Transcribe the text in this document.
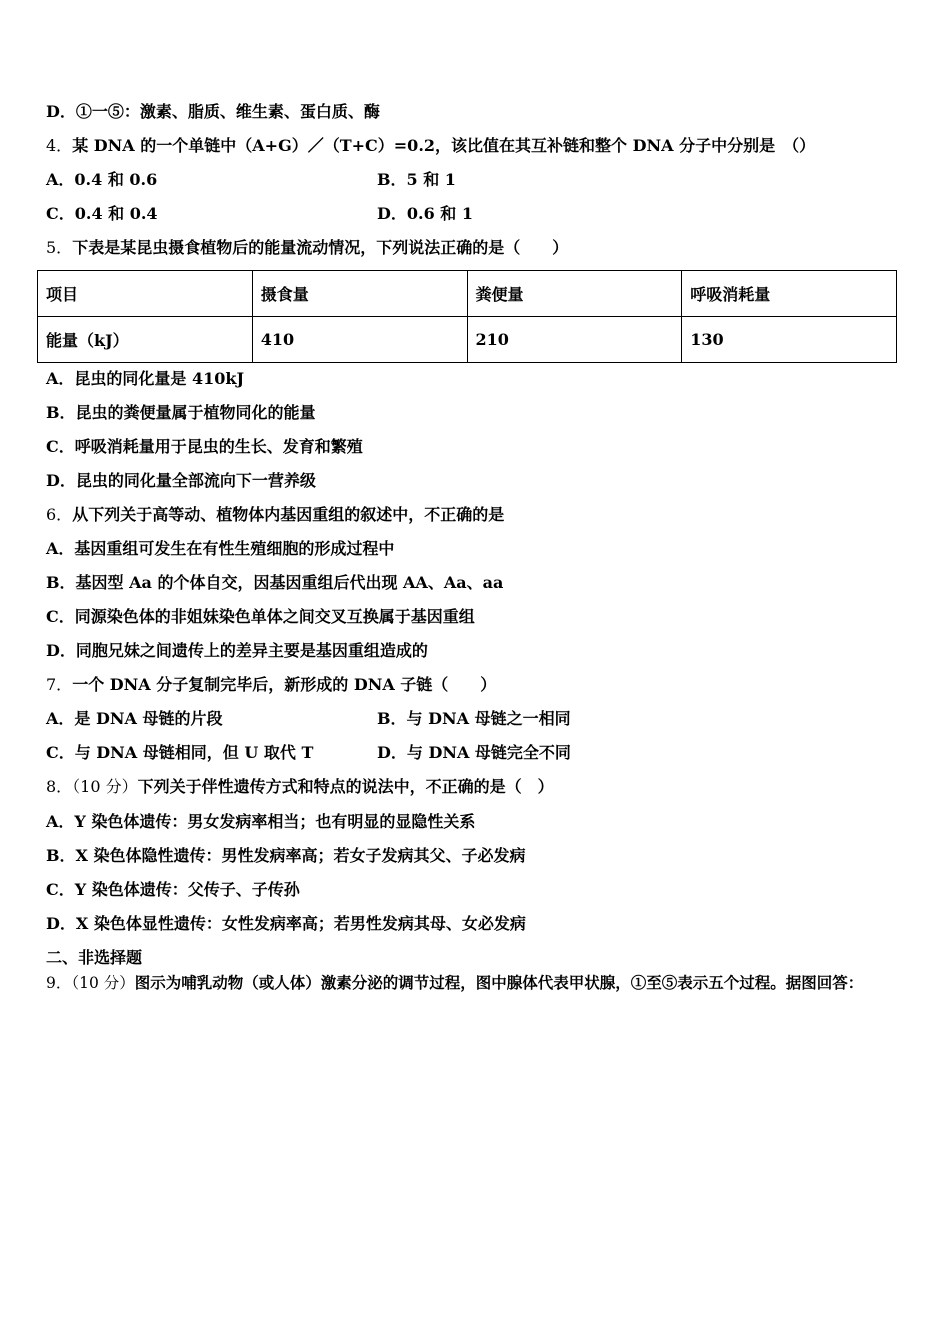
D．①一⑤：激素、脂质、维生素、蛋白质、酶
4．某 DNA 的一个单链中（A+G）／（T+C）=0.2，该比值在其互补链和整个 DNA 分子中分别是　（）
A．0.4 和 0.6	B．5 和 1
C．0.4 和 0.4	D．0.6 和 1
5．下表是某昆虫摄食植物后的能量流动情况，下列说法正确的是（　　）
项目	摄食量	粪便量	呼吸消耗量
能量（kJ）	410	210	130
A．昆虫的同化量是 410kJ
B．昆虫的粪便量属于植物同化的能量
C．呼吸消耗量用于昆虫的生长、发育和繁殖
D．昆虫的同化量全部流向下一营养级
6．从下列关于高等动、植物体内基因重组的叙述中，不正确的是
A．基因重组可发生在有性生殖细胞的形成过程中
B．基因型 Aa 的个体自交，因基因重组后代出现 AA、Aa、aa
C．同源染色体的非姐妹染色单体之间交叉互换属于基因重组
D．同胞兄妹之间遗传上的差异主要是基因重组造成的
7．一个 DNA 分子复制完毕后，新形成的 DNA 子链（　　）
A．是 DNA 母链的片段	B．与 DNA 母链之一相同
C．与 DNA 母链相同，但 U 取代 T	D．与 DNA 母链完全不同
8．（10 分）下列关于伴性遗传方式和特点的说法中，不正确的是（　）
A．Y 染色体遗传：男女发病率相当；也有明显的显隐性关系
B．X 染色体隐性遗传：男性发病率高；若女子发病其父、子必发病
C．Y 染色体遗传：父传子、子传孙
D．X 染色体显性遗传：女性发病率高；若男性发病其母、女必发病
二、非选择题
9．（10 分）图示为哺乳动物（或人体）激素分泌的调节过程，图中腺体代表甲状腺，①至⑤表示五个过程。据图回答：
